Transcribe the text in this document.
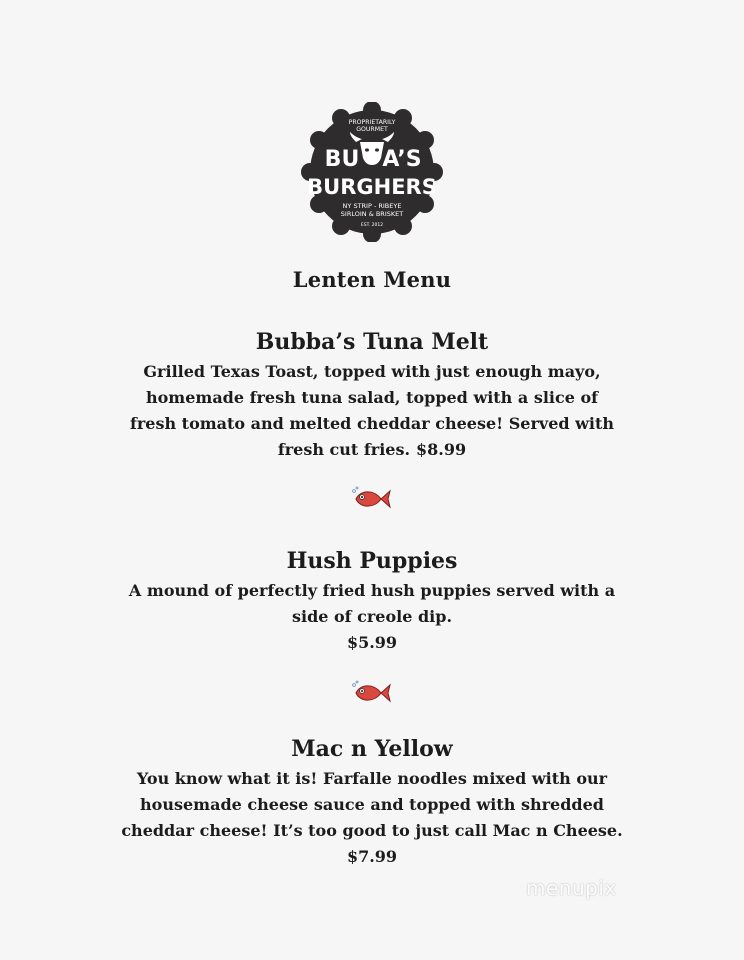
PROPRIETARILY
GOURMET
BU A’S
BURGHERS
NY STRIP - RIBEYE
SIRLOIN & BRISKET
EST. 2012
Lenten Menu
Bubba’s Tuna Melt
Grilled Texas Toast, topped with just enough mayo,
homemade fresh tuna salad, topped with a slice of
fresh tomato and melted cheddar cheese! Served with
fresh cut fries. $8.99
Hush Puppies
A mound of perfectly fried hush puppies served with a
side of creole dip.
$5.99
Mac n Yellow
You know what it is! Farfalle noodles mixed with our
housemade cheese sauce and topped with shredded
cheddar cheese! It’s too good to just call Mac n Cheese.
$7.99
menupix
